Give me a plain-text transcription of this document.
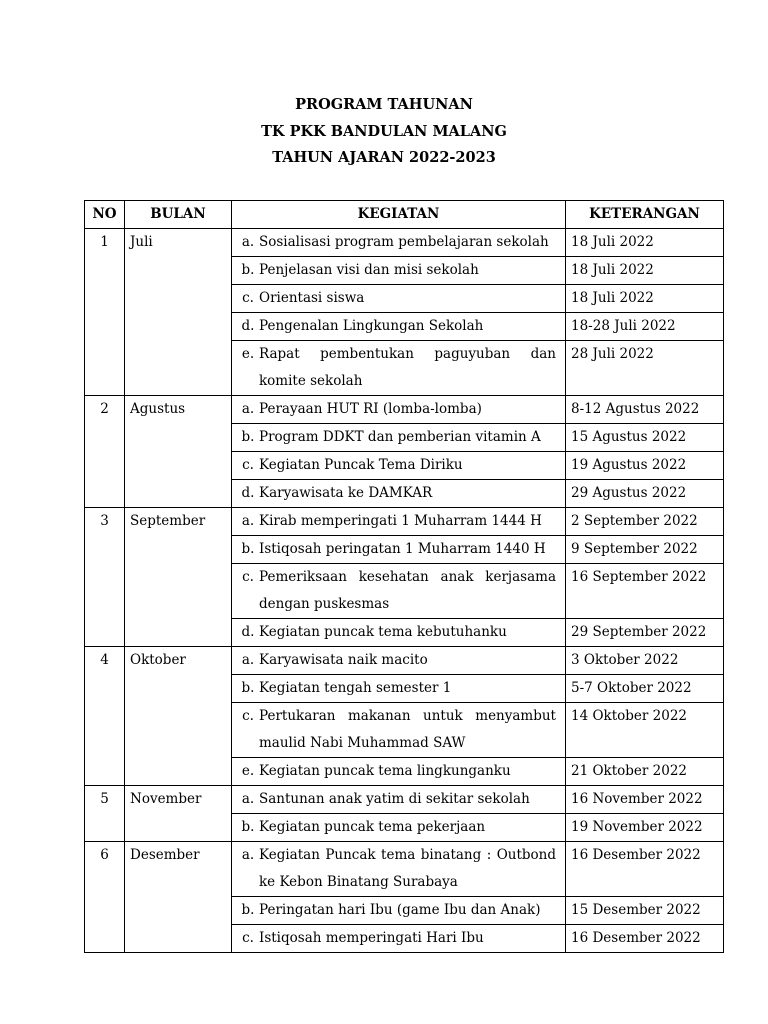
PROGRAM TAHUNAN
TK PKK BANDULAN MALANG
TAHUN AJARAN 2022-2023
NO	BULAN	KEGIATAN	KETERANGAN
1	Juli	a. Sosialisasi program pembelajaran sekolah	18 Juli 2022

		b. Penjelasan visi dan misi sekolah	18 Juli 2022

		c. Orientasi siswa	18 Juli 2022

		d. Pengenalan Lingkungan Sekolah	18-28 Juli 2022

		e. Rapat pembentukan paguyuban dan komite sekolah	28 Juli 2022
2	Agustus	a. Perayaan HUT RI (lomba-lomba)	8-12 Agustus 2022

		b. Program DDKT dan pemberian vitamin A	15 Agustus 2022

		c. Kegiatan Puncak Tema Diriku	19 Agustus 2022

		d. Karyawisata ke DAMKAR	29 Agustus 2022
3	September	a. Kirab memperingati 1 Muharram 1444 H	2 September 2022

		b. Istiqosah peringatan 1 Muharram 1440 H	9 September 2022

		c. Pemeriksaan kesehatan anak kerjasama dengan puskesmas	16 September 2022

		d. Kegiatan puncak tema kebutuhanku	29 September 2022
4	Oktober	a. Karyawisata naik macito	3 Oktober 2022

		b. Kegiatan tengah semester 1	5-7 Oktober 2022

		c. Pertukaran makanan untuk menyambut maulid Nabi Muhammad SAW	14 Oktober 2022

		e. Kegiatan puncak tema lingkunganku	21 Oktober 2022
5	November	a. Santunan anak yatim di sekitar sekolah	16 November 2022

		b. Kegiatan puncak tema pekerjaan	19 November 2022
6	Desember	a. Kegiatan Puncak tema binatang : Outbond ke Kebon Binatang Surabaya	16 Desember 2022

		b. Peringatan hari Ibu (game Ibu dan Anak)	15 Desember 2022

		c. Istiqosah memperingati Hari Ibu	16 Desember 2022
